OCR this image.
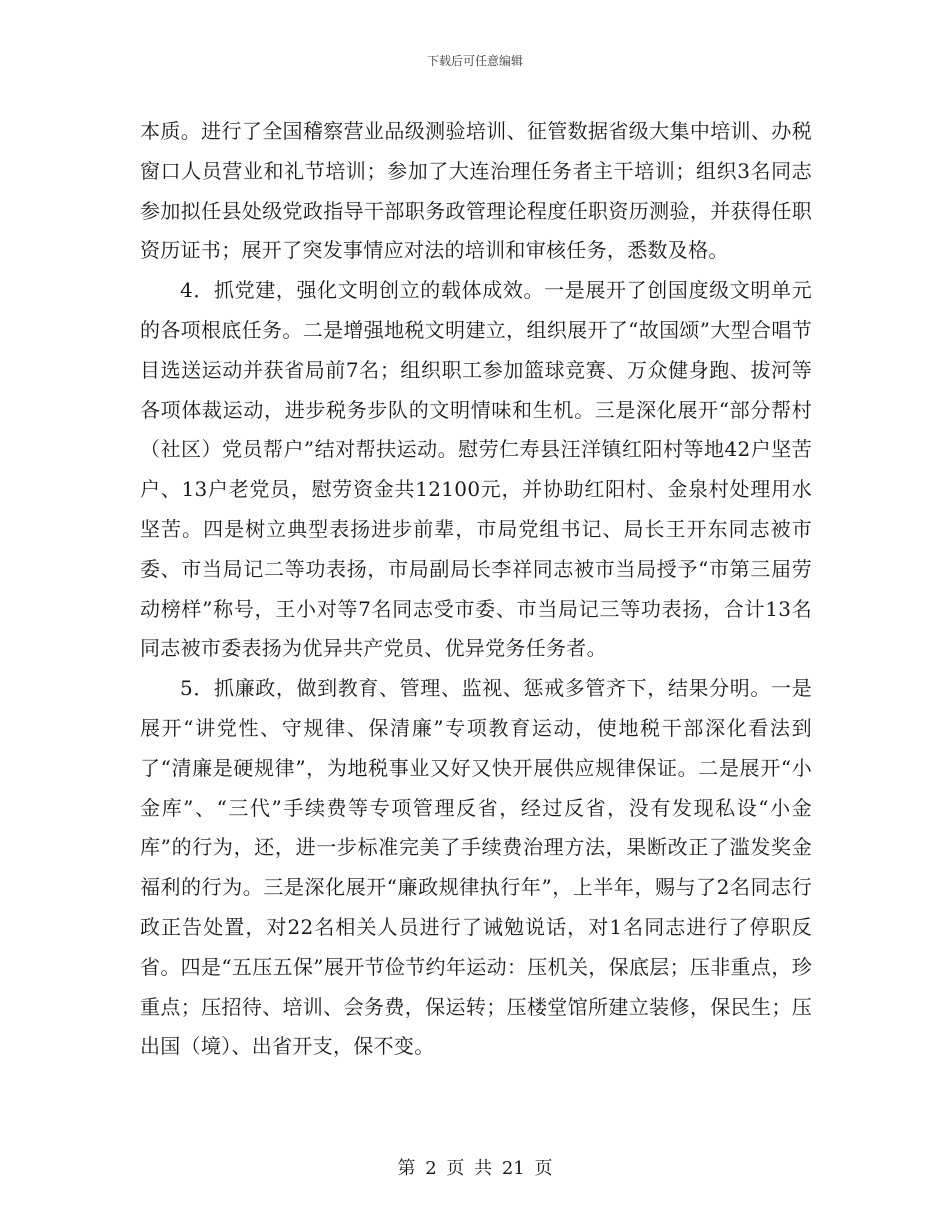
下载后可任意编辑

本质。进行了全国稽察营业品级测验培训、征管数据省级大集中培训、办税窗口人员营业和礼节培训；参加了大连治理任务者主干培训；组织3名同志参加拟任县处级党政指导干部职务政管理论程度任职资历测验，并获得任职资历证书；展开了突发事情应对法的培训和审核任务，悉数及格。

4．抓党建，强化文明创立的载体成效。一是展开了创国度级文明单元的各项根底任务。二是增强地税文明建立，组织展开了“故国颂”大型合唱节目选送运动并获省局前7名；组织职工参加篮球竞赛、万众健身跑、拔河等各项体裁运动，进步税务步队的文明情味和生机。三是深化展开“部分帮村（社区）党员帮户”结对帮扶运动。慰劳仁寿县汪洋镇红阳村等地42户坚苦户、13户老党员，慰劳资金共12100元，并协助红阳村、金泉村处理用水坚苦。四是树立典型表扬进步前辈，市局党组书记、局长王开东同志被市委、市当局记二等功表扬，市局副局长李祥同志被市当局授予“市第三届劳动榜样”称号，王小对等7名同志受市委、市当局记三等功表扬，合计13名同志被市委表扬为优异共产党员、优异党务任务者。

5．抓廉政，做到教育、管理、监视、惩戒多管齐下，结果分明。一是展开“讲党性、守规律、保清廉”专项教育运动，使地税干部深化看法到了“清廉是硬规律”，为地税事业又好又快开展供应规律保证。二是展开“小金库”、“三代”手续费等专项管理反省，经过反省，没有发现私设“小金库”的行为，还，进一步标准完美了手续费治理方法，果断改正了滥发奖金福利的行为。三是深化展开“廉政规律执行年”，上半年，赐与了2名同志行政正告处置，对22名相关人员进行了诫勉说话，对1名同志进行了停职反省。四是“五压五保”展开节俭节约年运动：压机关，保底层；压非重点，珍重点；压招待、培训、会务费，保运转；压楼堂馆所建立装修，保民生；压出国（境）、出省开支，保不变。

第 2 页 共 21 页
